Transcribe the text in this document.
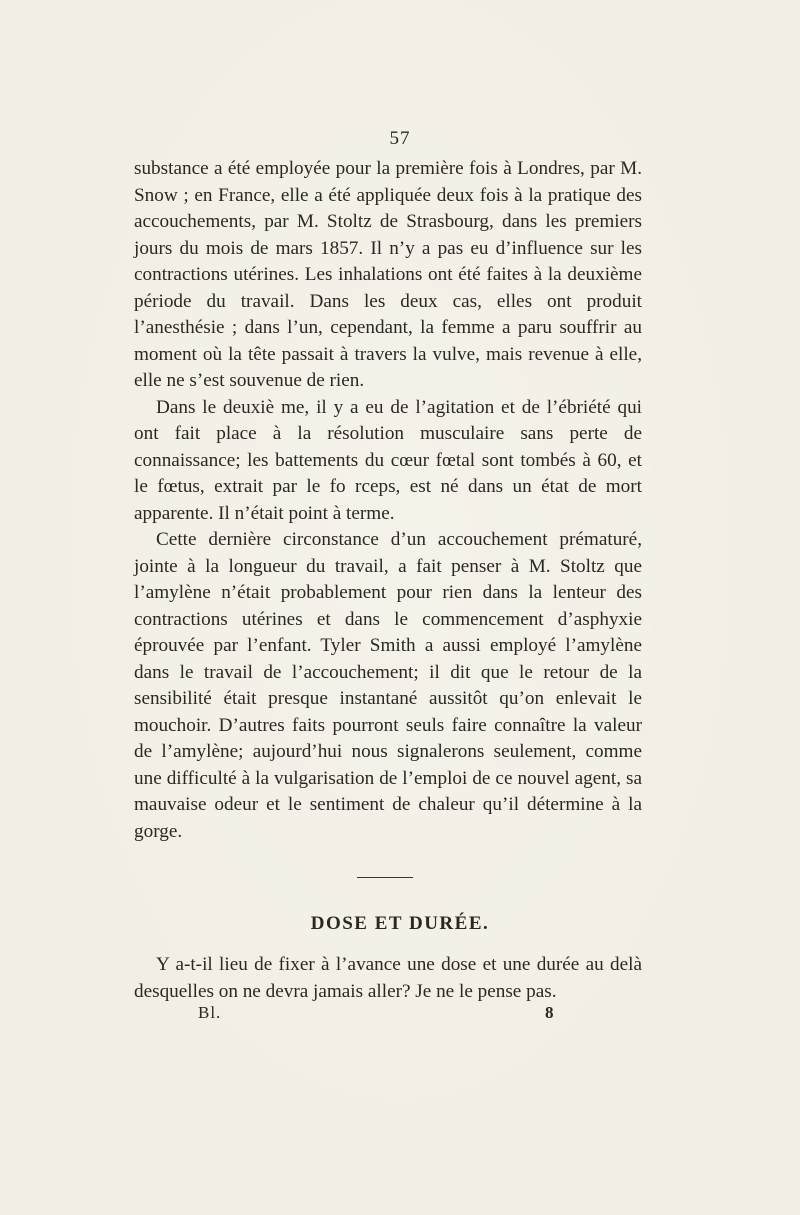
57

substance a été employée pour la première fois à Londres, par M. Snow ; en France, elle a été appliquée deux fois à la pratique des accouchements, par M. Stoltz de Strasbourg, dans les premiers jours du mois de mars 1857. Il n’y a pas eu d’influence sur les contractions utérines. Les inhalations ont été faites à la deuxième période du travail. Dans les deux cas, elles ont produit l’anesthésie ; dans l’un, cependant, la femme a paru souffrir au moment où la tête passait à travers la vulve, mais revenue à elle, elle ne s’est souvenue de rien.

Dans le deuxiè me, il y a eu de l’agitation et de l’ébriété qui ont fait place à la résolution musculaire sans perte de connaissance; les battements du cœur fœtal sont tombés à 60, et le fœtus, extrait par le fo rceps, est né dans un état de mort apparente. Il n’était point à terme.

Cette dernière circonstance d’un accouchement prématuré, jointe à la longueur du travail, a fait penser à M. Stoltz que l’amylène n’était probablement pour rien dans la lenteur des contractions utérines et dans le commencement d’asphyxie éprouvée par l’enfant. Tyler Smith a aussi employé l’amylène dans le travail de l’accouchement; il dit que le retour de la sensibilité était presque instantané aussitôt qu’on enlevait le mouchoir. D’autres faits pourront seuls faire connaître la valeur de l’amylène; aujourd’hui nous signalerons seulement, comme une difficulté à la vulgarisation de l’emploi de ce nouvel agent, sa mauvaise odeur et le sentiment de chaleur qu’il détermine à la gorge.

DOSE ET DURÉE.

Y a-t-il lieu de fixer à l’avance une dose et une durée au delà desquelles on ne devra jamais aller? Je ne le pense pas.

Bl.	8
